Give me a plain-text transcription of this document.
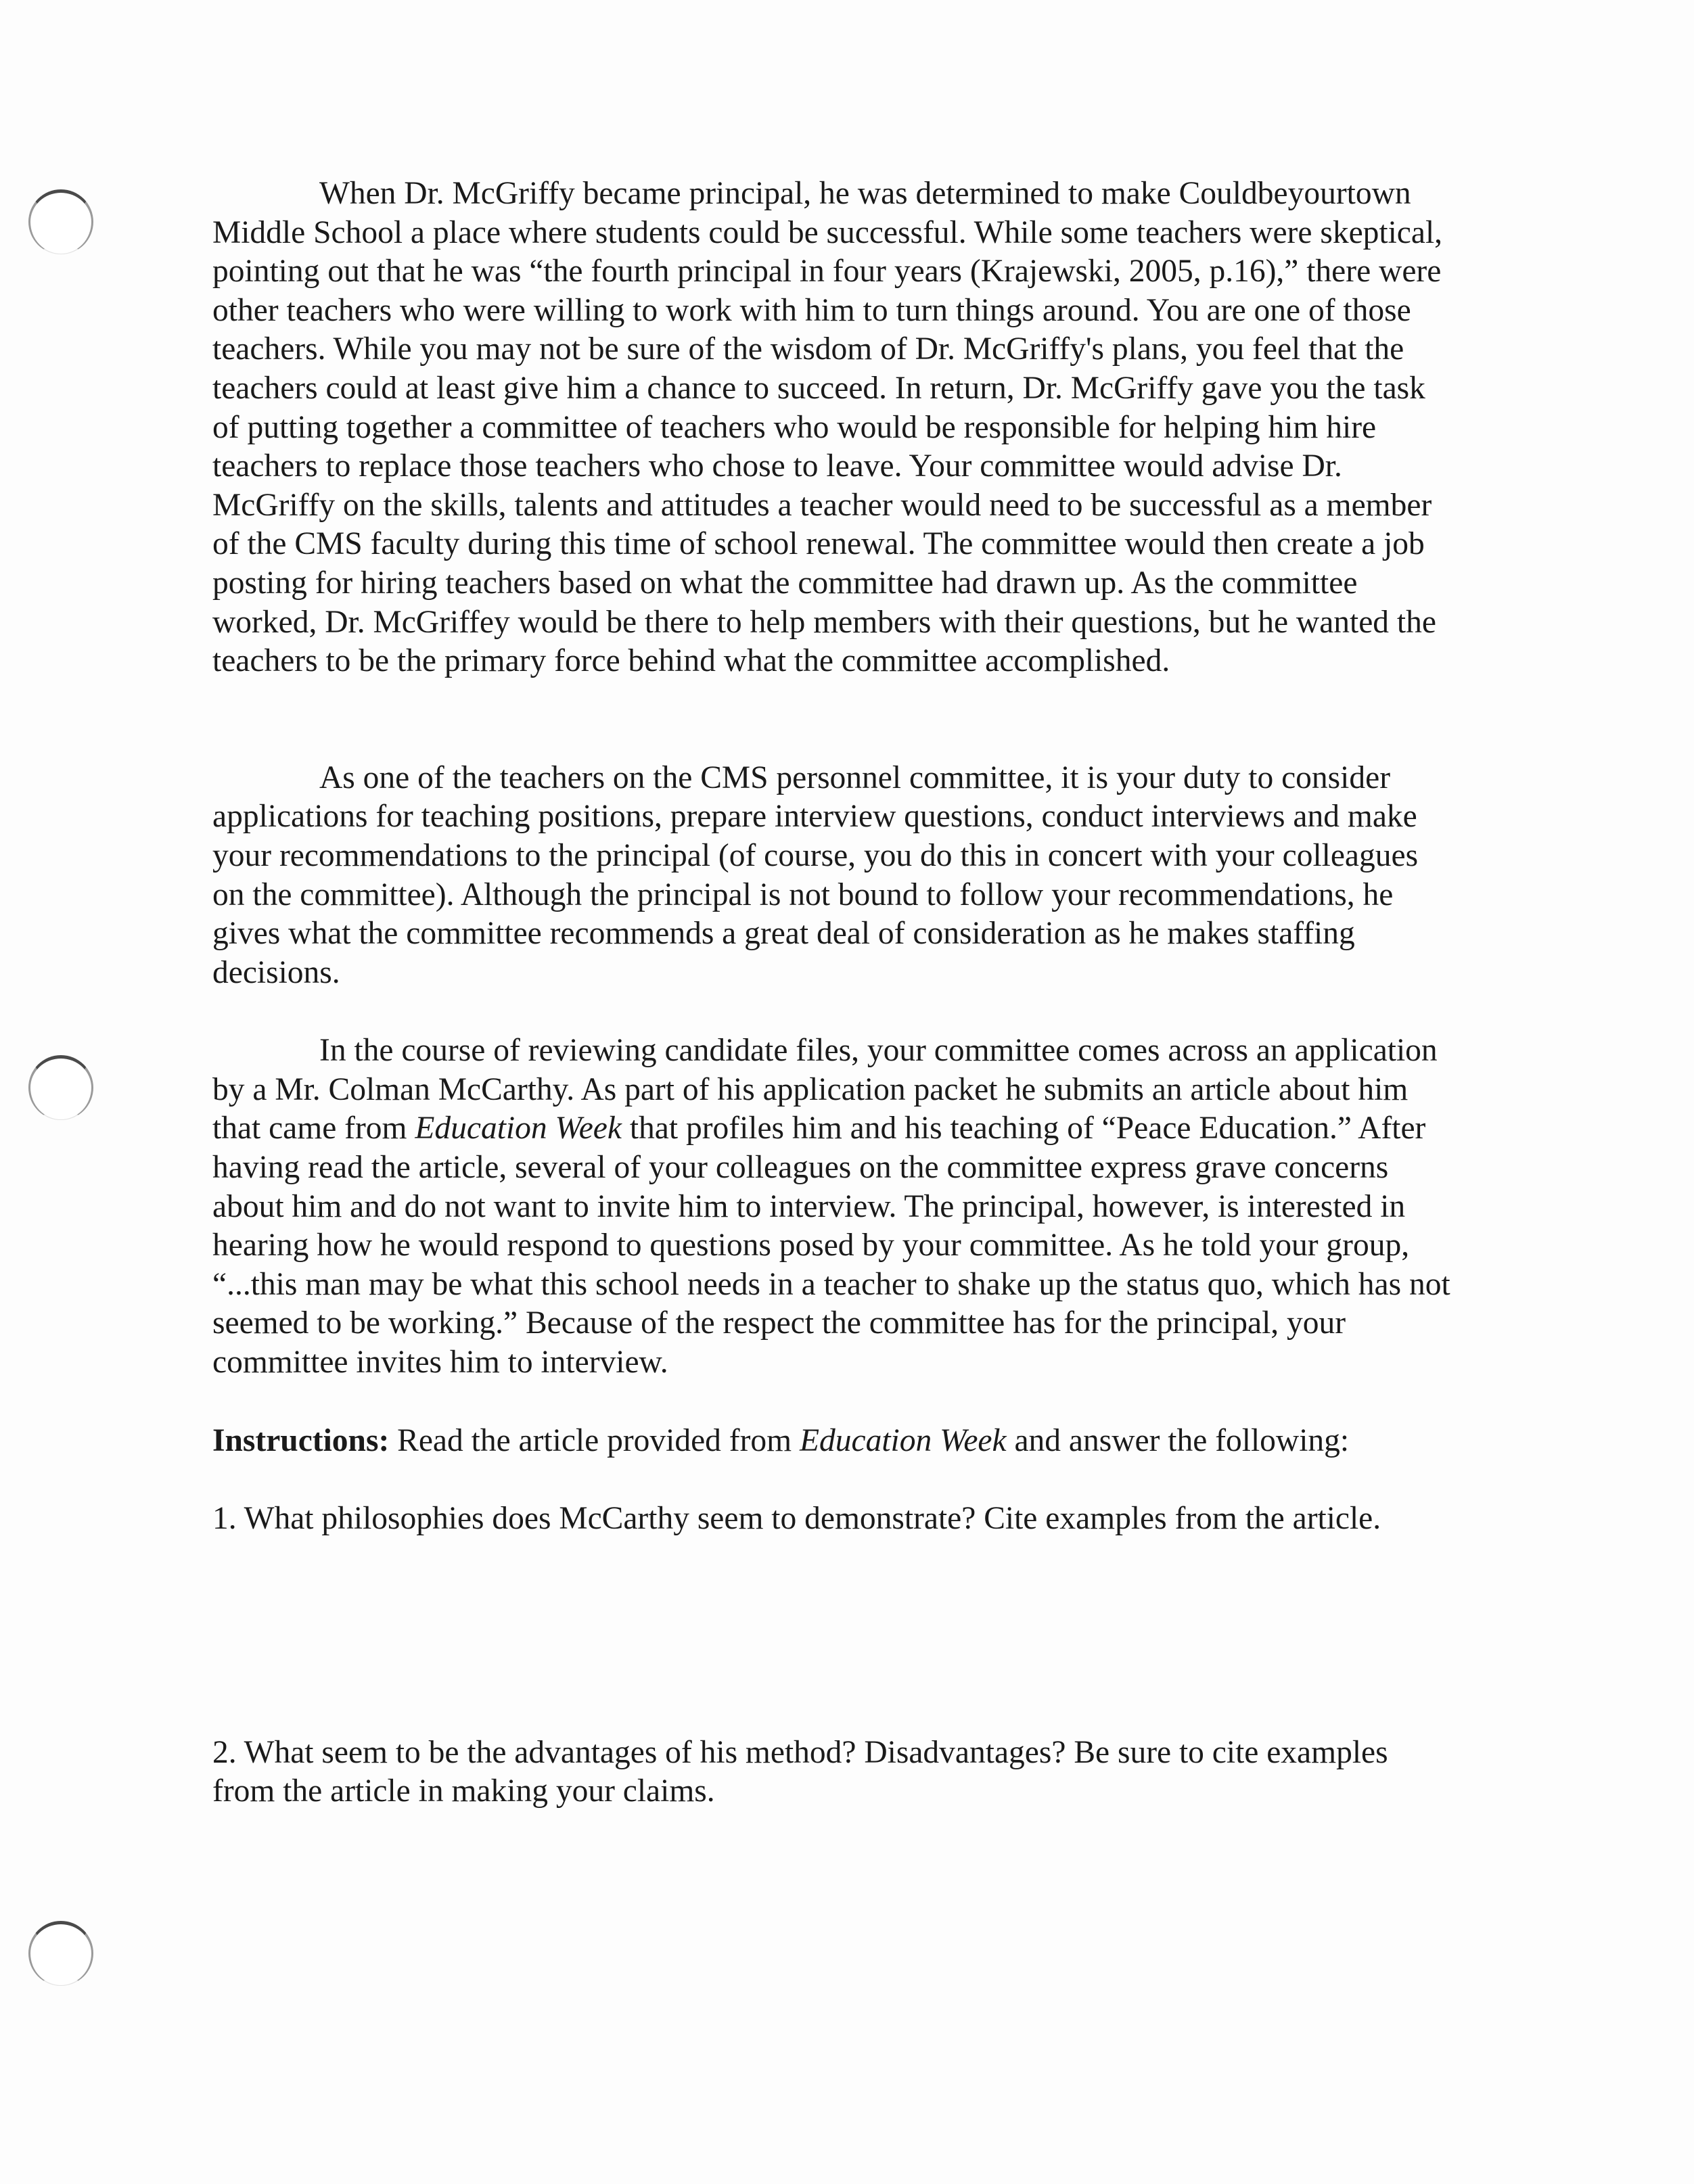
When Dr. McGriffy became principal, he was determined to make Couldbeyourtown Middle School a place where students could be successful. While some teachers were skeptical, pointing out that he was “the fourth principal in four years (Krajewski, 2005, p.16),” there were other teachers who were willing to work with him to turn things around. You are one of those teachers. While you may not be sure of the wisdom of Dr. McGriffy's plans, you feel that the teachers could at least give him a chance to succeed. In return, Dr. McGriffy gave you the task of putting together a committee of teachers who would be responsible for helping him hire teachers to replace those teachers who chose to leave. Your committee would advise Dr. McGriffy on the skills, talents and attitudes a teacher would need to be successful as a member of the CMS faculty during this time of school renewal. The committee would then create a job posting for hiring teachers based on what the committee had drawn up. As the committee worked, Dr. McGriffey would be there to help members with their questions, but he wanted the teachers to be the primary force behind what the committee accomplished.

As one of the teachers on the CMS personnel committee, it is your duty to consider applications for teaching positions, prepare interview questions, conduct interviews and make your recommendations to the principal (of course, you do this in concert with your colleagues on the committee). Although the principal is not bound to follow your recommendations, he gives what the committee recommends a great deal of consideration as he makes staffing decisions.

In the course of reviewing candidate files, your committee comes across an application by a Mr. Colman McCarthy. As part of his application packet he submits an article about him that came from Education Week that profiles him and his teaching of “Peace Education.” After having read the article, several of your colleagues on the committee express grave concerns about him and do not want to invite him to interview. The principal, however, is interested in hearing how he would respond to questions posed by your committee. As he told your group, “...this man may be what this school needs in a teacher to shake up the status quo, which has not seemed to be working.” Because of the respect the committee has for the principal, your committee invites him to interview.

Instructions: Read the article provided from Education Week and answer the following:

1. What philosophies does McCarthy seem to demonstrate? Cite examples from the article.

2. What seem to be the advantages of his method? Disadvantages? Be sure to cite examples from the article in making your claims.
